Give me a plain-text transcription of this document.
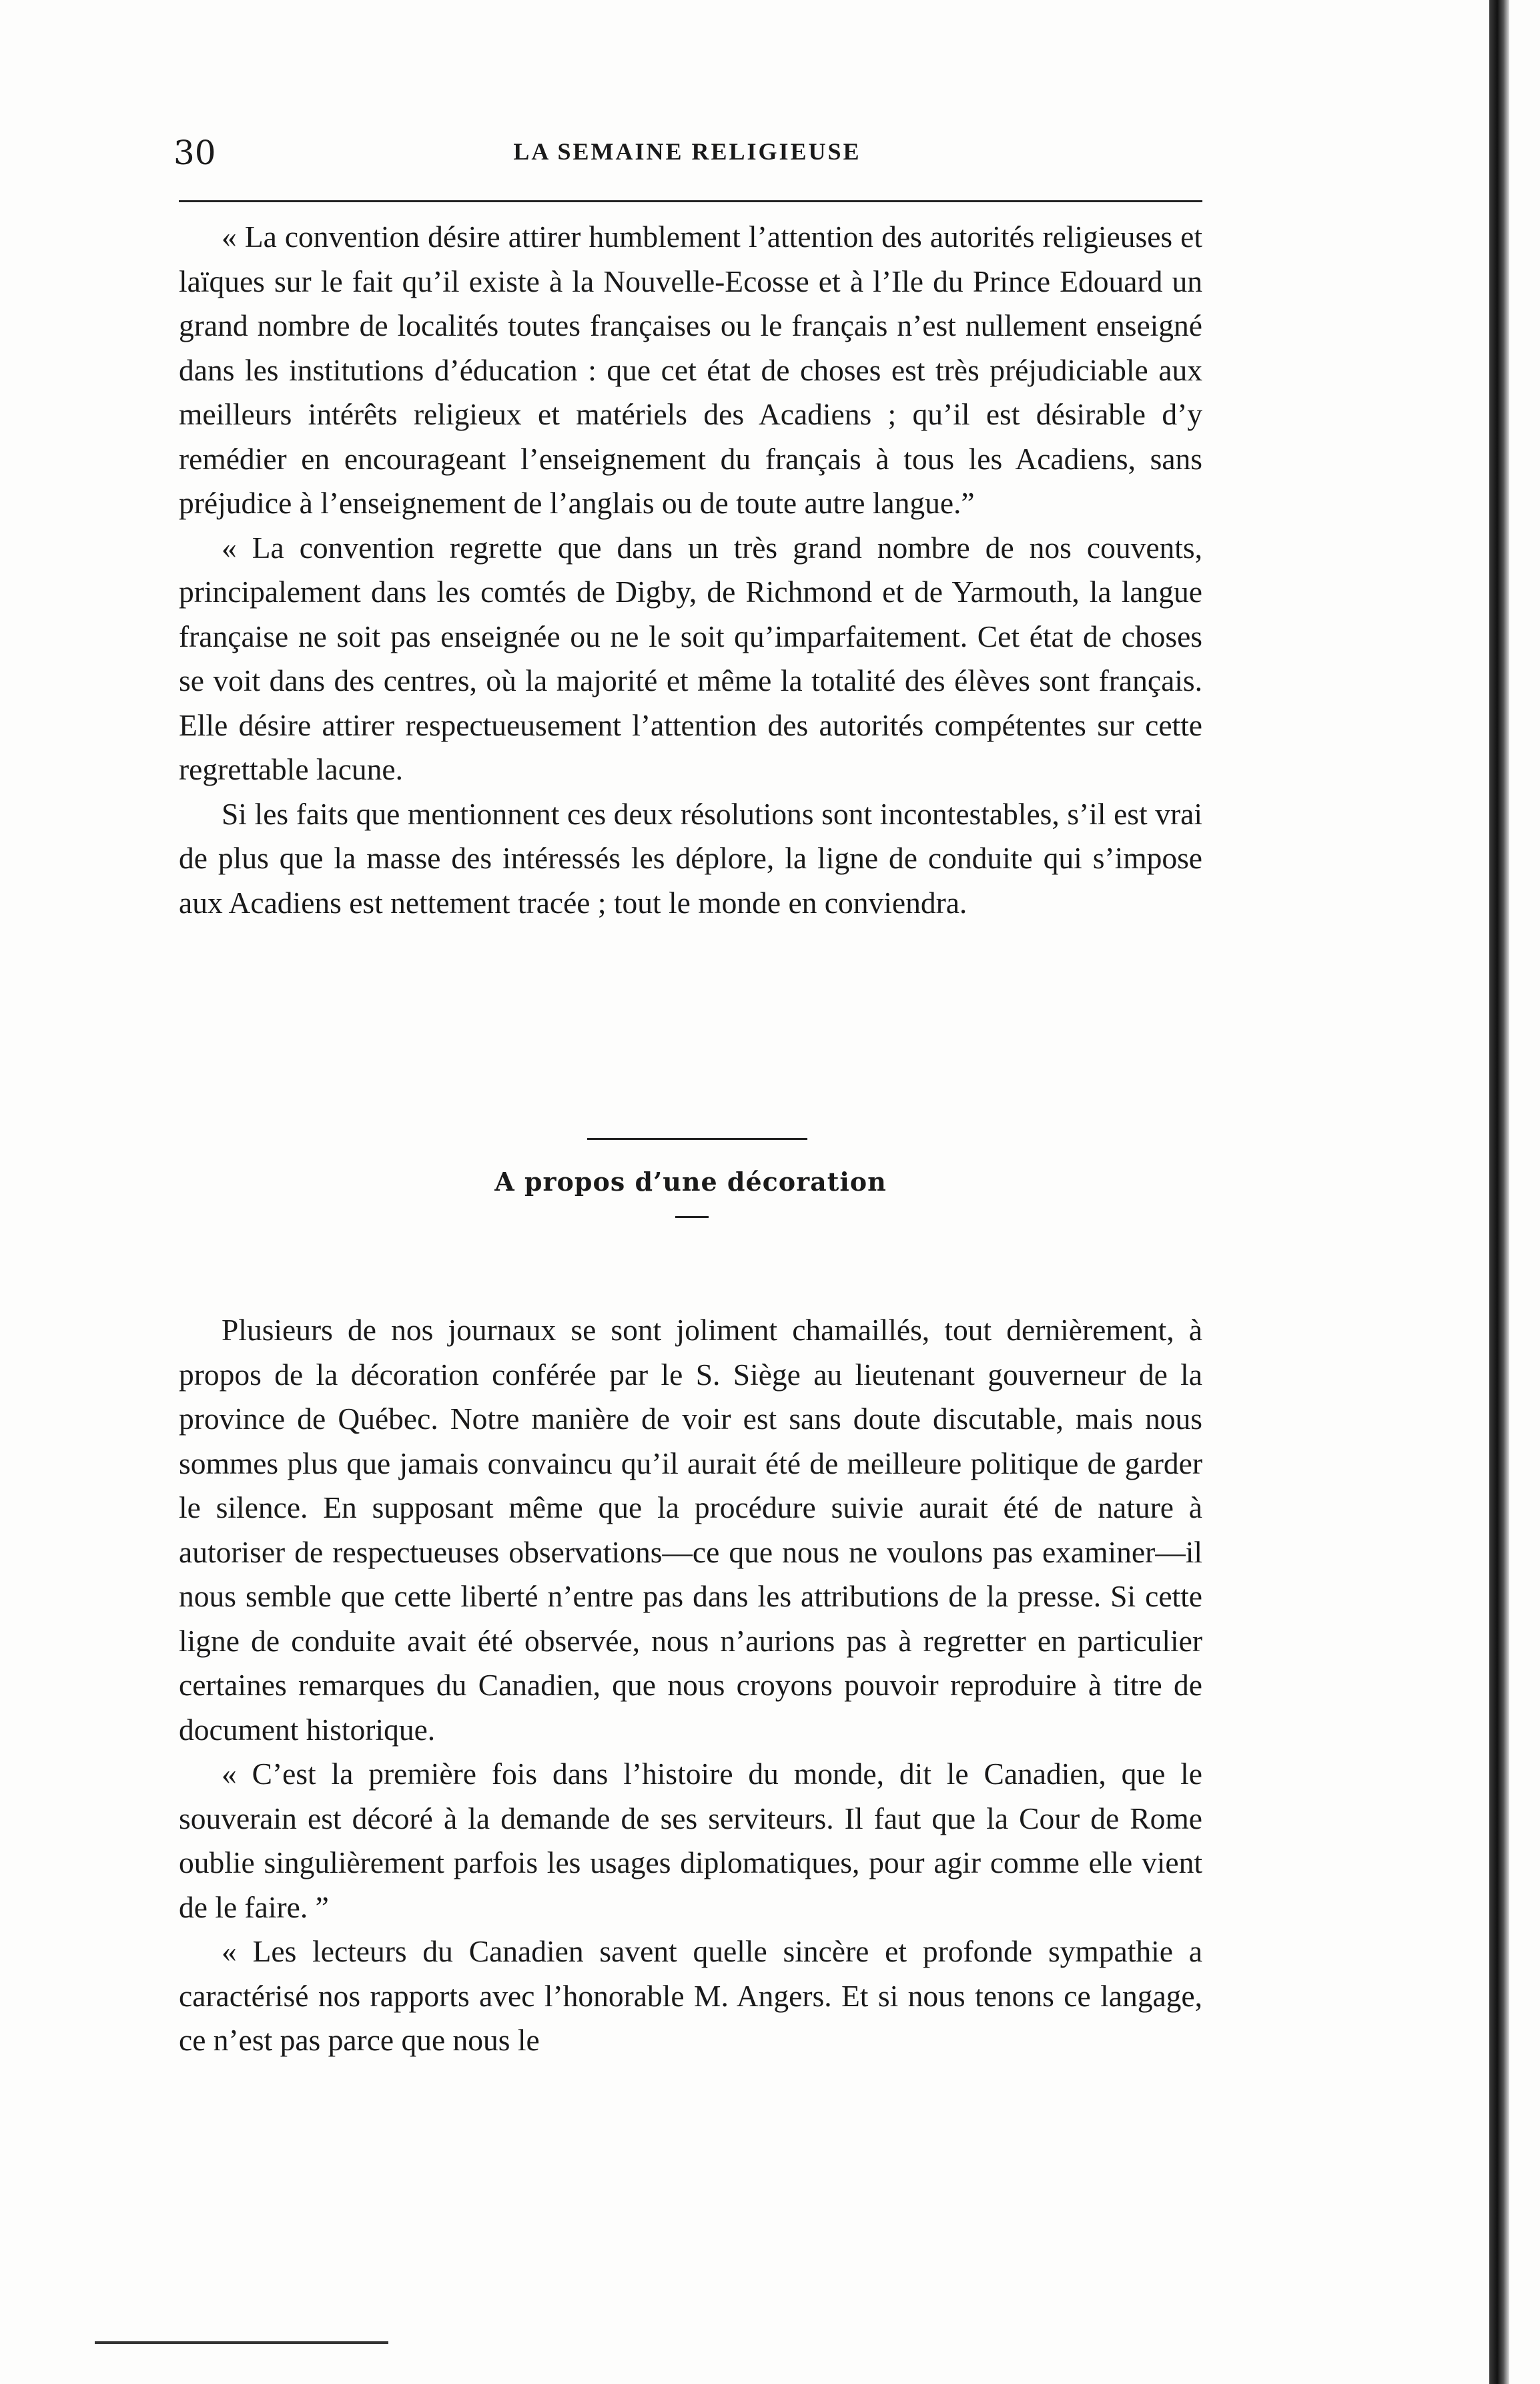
30	LA SEMAINE RELIGIEUSE

« La convention désire attirer humblement l’attention des autorités religieuses et laïques sur le fait qu’il existe à la Nouvelle-Ecosse et à l’Ile du Prince Edouard un grand nombre de localités toutes françaises ou le français n’est nullement enseigné dans les institutions d’éducation : que cet état de choses est très préjudiciable aux meilleurs intérêts religieux et matériels des Acadiens ; qu’il est désirable d’y remédier en encourageant l’enseignement du français à tous les Acadiens, sans préjudice à l’enseignement de l’anglais ou de toute autre langue.”

« La convention regrette que dans un très grand nombre de nos couvents, principalement dans les comtés de Digby, de Richmond et de Yarmouth, la langue française ne soit pas enseignée ou ne le soit qu’imparfaitement. Cet état de choses se voit dans des centres, où la majorité et même la totalité des élèves sont français. Elle désire attirer respectueusement l’attention des autorités compétentes sur cette regrettable lacune.

Si les faits que mentionnent ces deux résolutions sont incontestables, s’il est vrai de plus que la masse des intéressés les déplore, la ligne de conduite qui s’impose aux Acadiens est nettement tracée ; tout le monde en conviendra.

A propos d’une décoration

Plusieurs de nos journaux se sont joliment chamaillés, tout dernièrement, à propos de la décoration conférée par le S. Siège au lieutenant gouverneur de la province de Québec. Notre manière de voir est sans doute discutable, mais nous sommes plus que jamais convaincu qu’il aurait été de meilleure politique de garder le silence. En supposant même que la procédure suivie aurait été de nature à autoriser de respectueuses observations—ce que nous ne voulons pas examiner—il nous semble que cette liberté n’entre pas dans les attributions de la presse. Si cette ligne de conduite avait été observée, nous n’aurions pas à regretter en particulier certaines remarques du Canadien, que nous croyons pouvoir reproduire à titre de document historique.

« C’est la première fois dans l’histoire du monde, dit le Canadien, que le souverain est décoré à la demande de ses serviteurs. Il faut que la Cour de Rome oublie singulièrement parfois les usages diplomatiques, pour agir comme elle vient de le faire. ”

« Les lecteurs du Canadien savent quelle sincère et profonde sympathie a caractérisé nos rapports avec l’honorable M. Angers. Et si nous tenons ce langage, ce n’est pas parce que nous le
